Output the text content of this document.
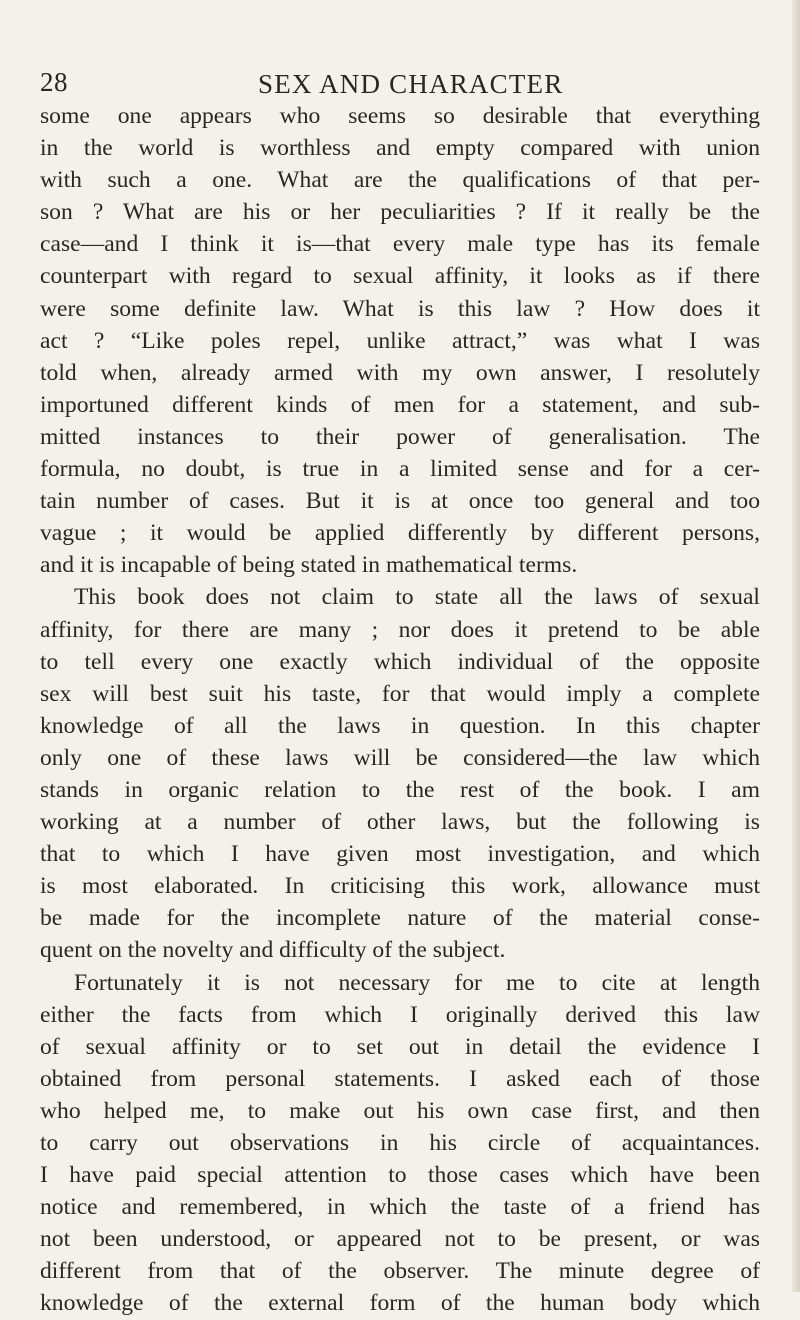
28	SEX AND CHARACTER
some one appears who seems so desirable that everything
in the world is worthless and empty compared with union
with such a one. What are the qualifications of that per-
son ? What are his or her peculiarities ? If it really be the
case—and I think it is—that every male type has its female
counterpart with regard to sexual affinity, it looks as if there
were some definite law. What is this law ? How does it
act ? “Like poles repel, unlike attract,” was what I was
told when, already armed with my own answer, I resolutely
importuned different kinds of men for a statement, and sub-
mitted instances to their power of generalisation. The
formula, no doubt, is true in a limited sense and for a cer-
tain number of cases. But it is at once too general and too
vague ; it would be applied differently by different persons,
and it is incapable of being stated in mathematical terms.
This book does not claim to state all the laws of sexual
affinity, for there are many ; nor does it pretend to be able
to tell every one exactly which individual of the opposite
sex will best suit his taste, for that would imply a complete
knowledge of all the laws in question. In this chapter
only one of these laws will be considered—the law which
stands in organic relation to the rest of the book. I am
working at a number of other laws, but the following is
that to which I have given most investigation, and which
is most elaborated. In criticising this work, allowance must
be made for the incomplete nature of the material conse-
quent on the novelty and difficulty of the subject.
Fortunately it is not necessary for me to cite at length
either the facts from which I originally derived this law
of sexual affinity or to set out in detail the evidence I
obtained from personal statements. I asked each of those
who helped me, to make out his own case first, and then
to carry out observations in his circle of acquaintances.
I have paid special attention to those cases which have been
notice and remembered, in which the taste of a friend has
not been understood, or appeared not to be present, or was
different from that of the observer. The minute degree of
knowledge of the external form of the human body which
